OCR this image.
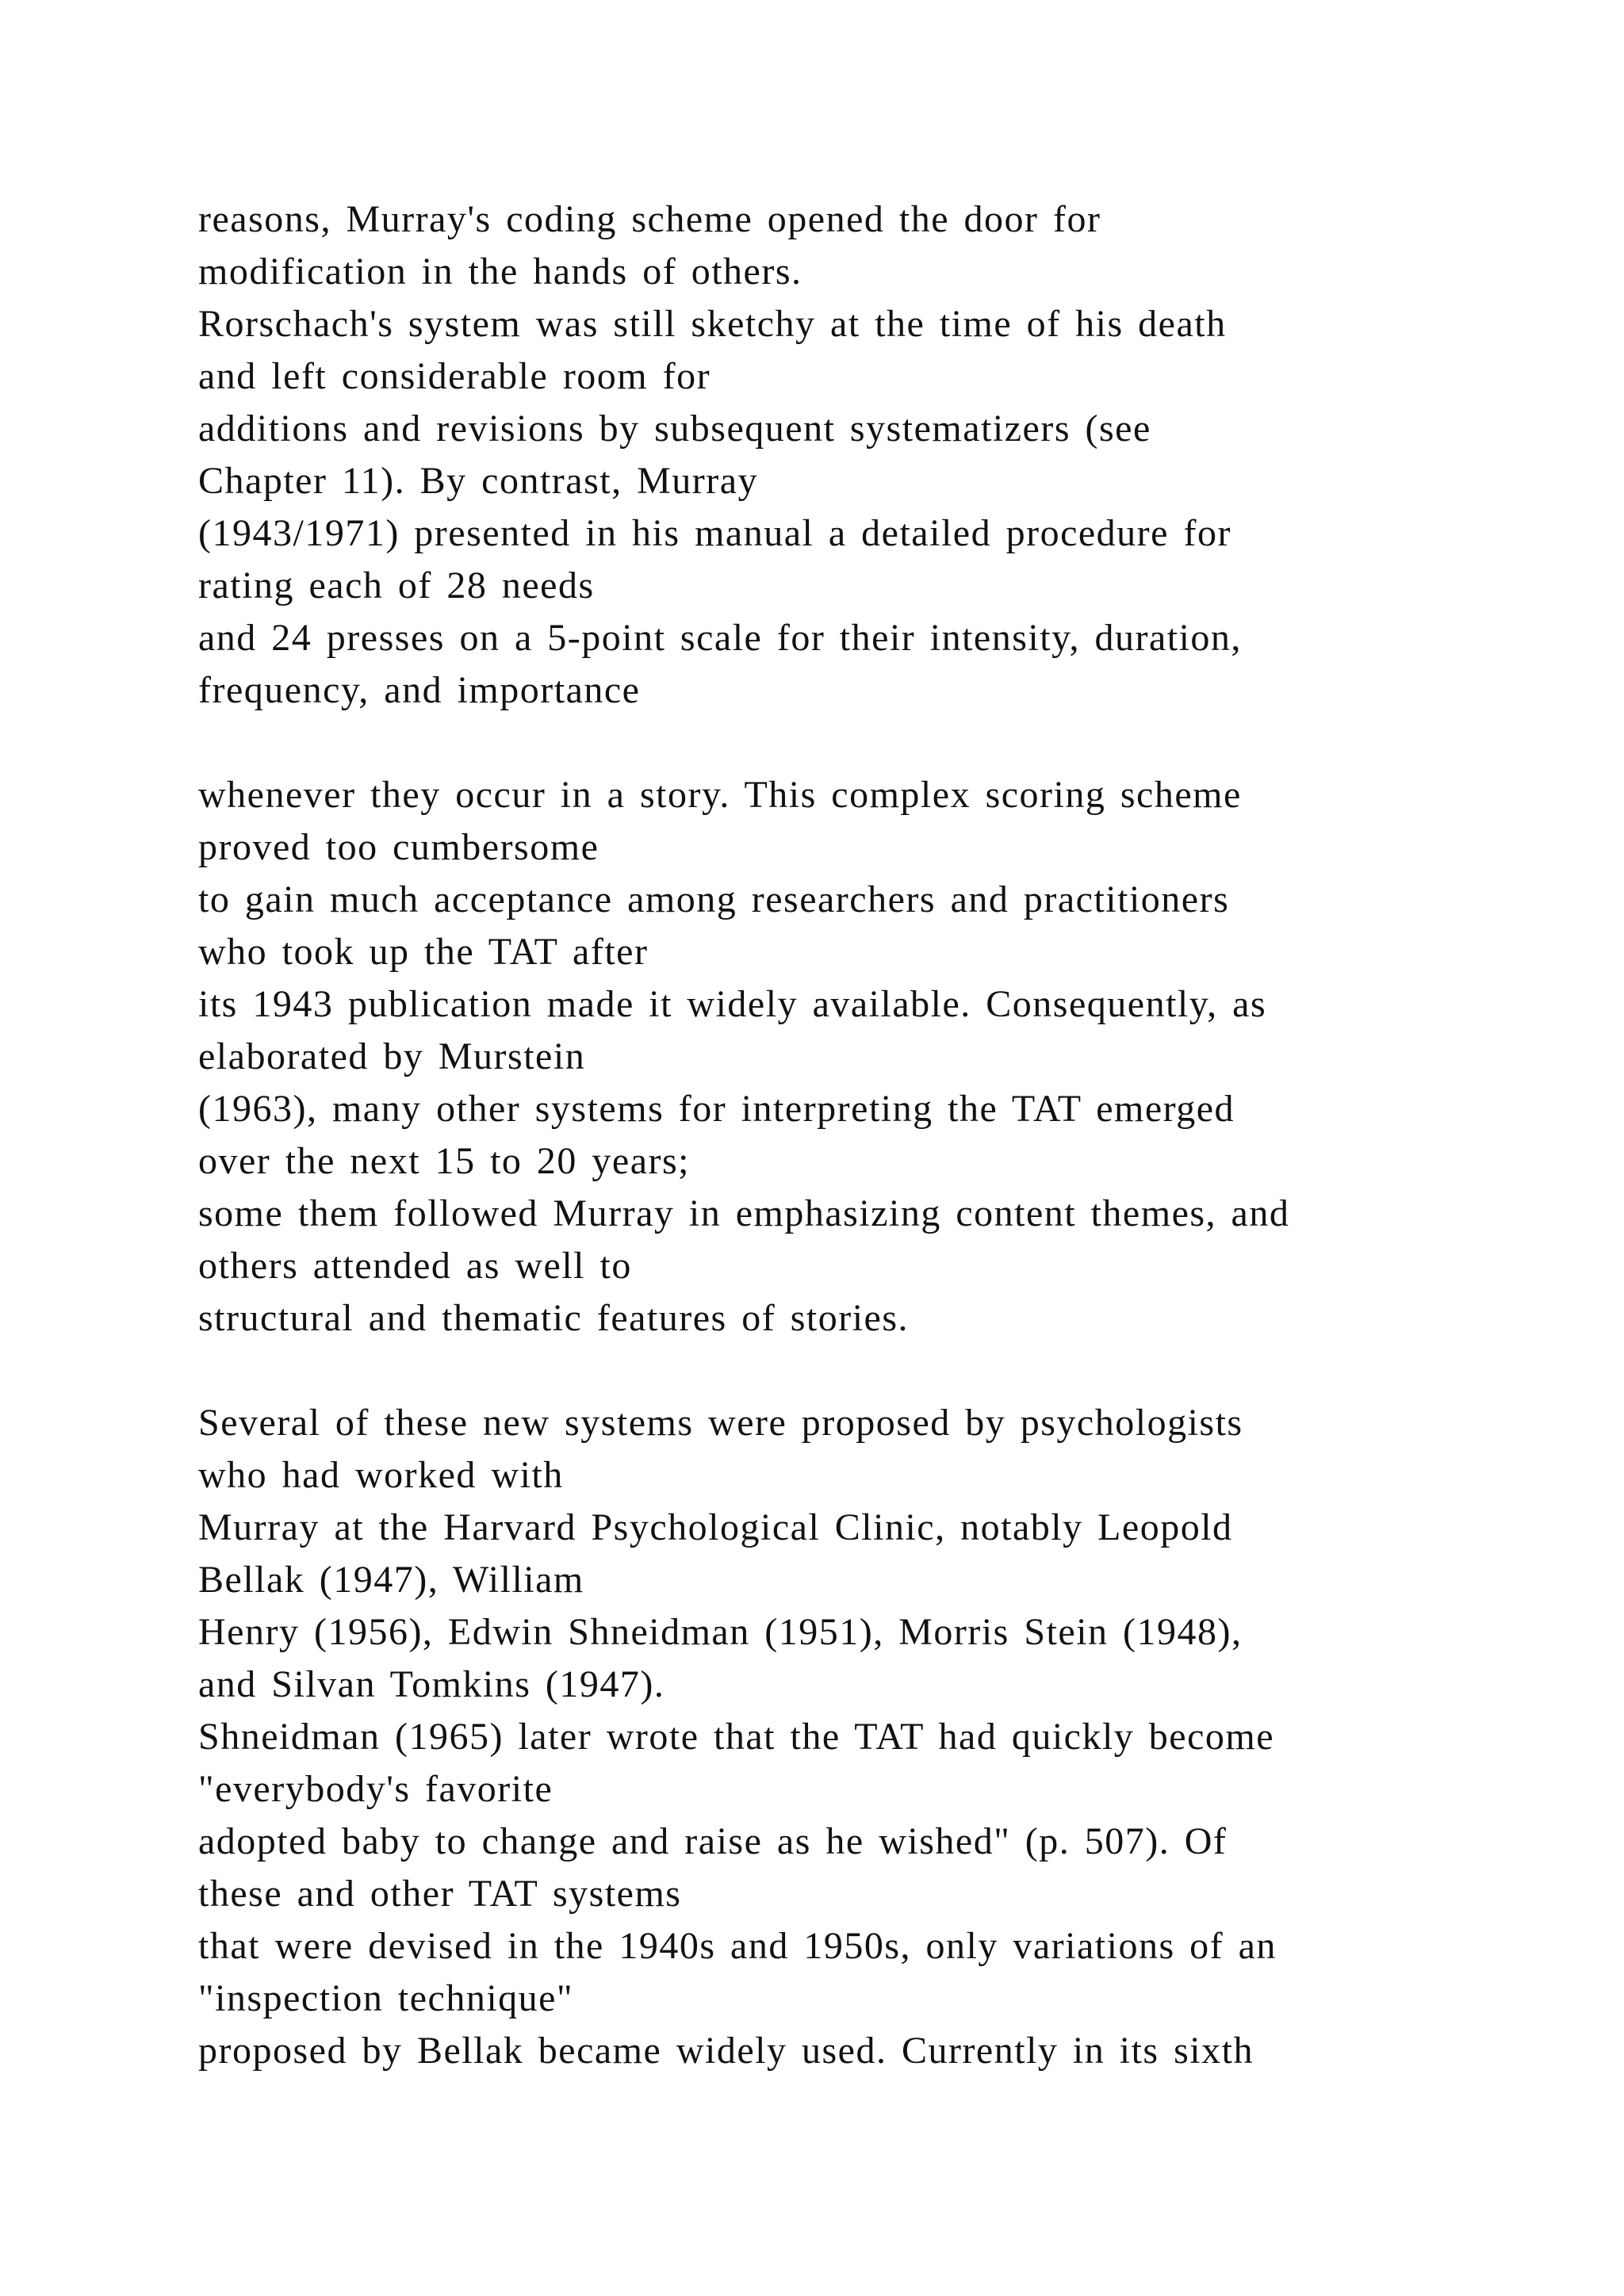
reasons, Murray's coding scheme opened the door for
modification in the hands of others.
Rorschach's system was still sketchy at the time of his death
and left considerable room for
additions and revisions by subsequent systematizers (see
Chapter 11). By contrast, Murray
(1943/1971) presented in his manual a detailed procedure for
rating each of 28 needs
and 24 presses on a 5-point scale for their intensity, duration,
frequency, and importance
whenever they occur in a story. This complex scoring scheme
proved too cumbersome
to gain much acceptance among researchers and practitioners
who took up the TAT after
its 1943 publication made it widely available. Consequently, as
elaborated by Murstein
(1963), many other systems for interpreting the TAT emerged
over the next 15 to 20 years;
some them followed Murray in emphasizing content themes, and
others attended as well to
structural and thematic features of stories.
Several of these new systems were proposed by psychologists
who had worked with
Murray at the Harvard Psychological Clinic, notably Leopold
Bellak (1947), William
Henry (1956), Edwin Shneidman (1951), Morris Stein (1948),
and Silvan Tomkins (1947).
Shneidman (1965) later wrote that the TAT had quickly become
"everybody's favorite
adopted baby to change and raise as he wished" (p. 507). Of
these and other TAT systems
that were devised in the 1940s and 1950s, only variations of an
"inspection technique"
proposed by Bellak became widely used. Currently in its sixth
